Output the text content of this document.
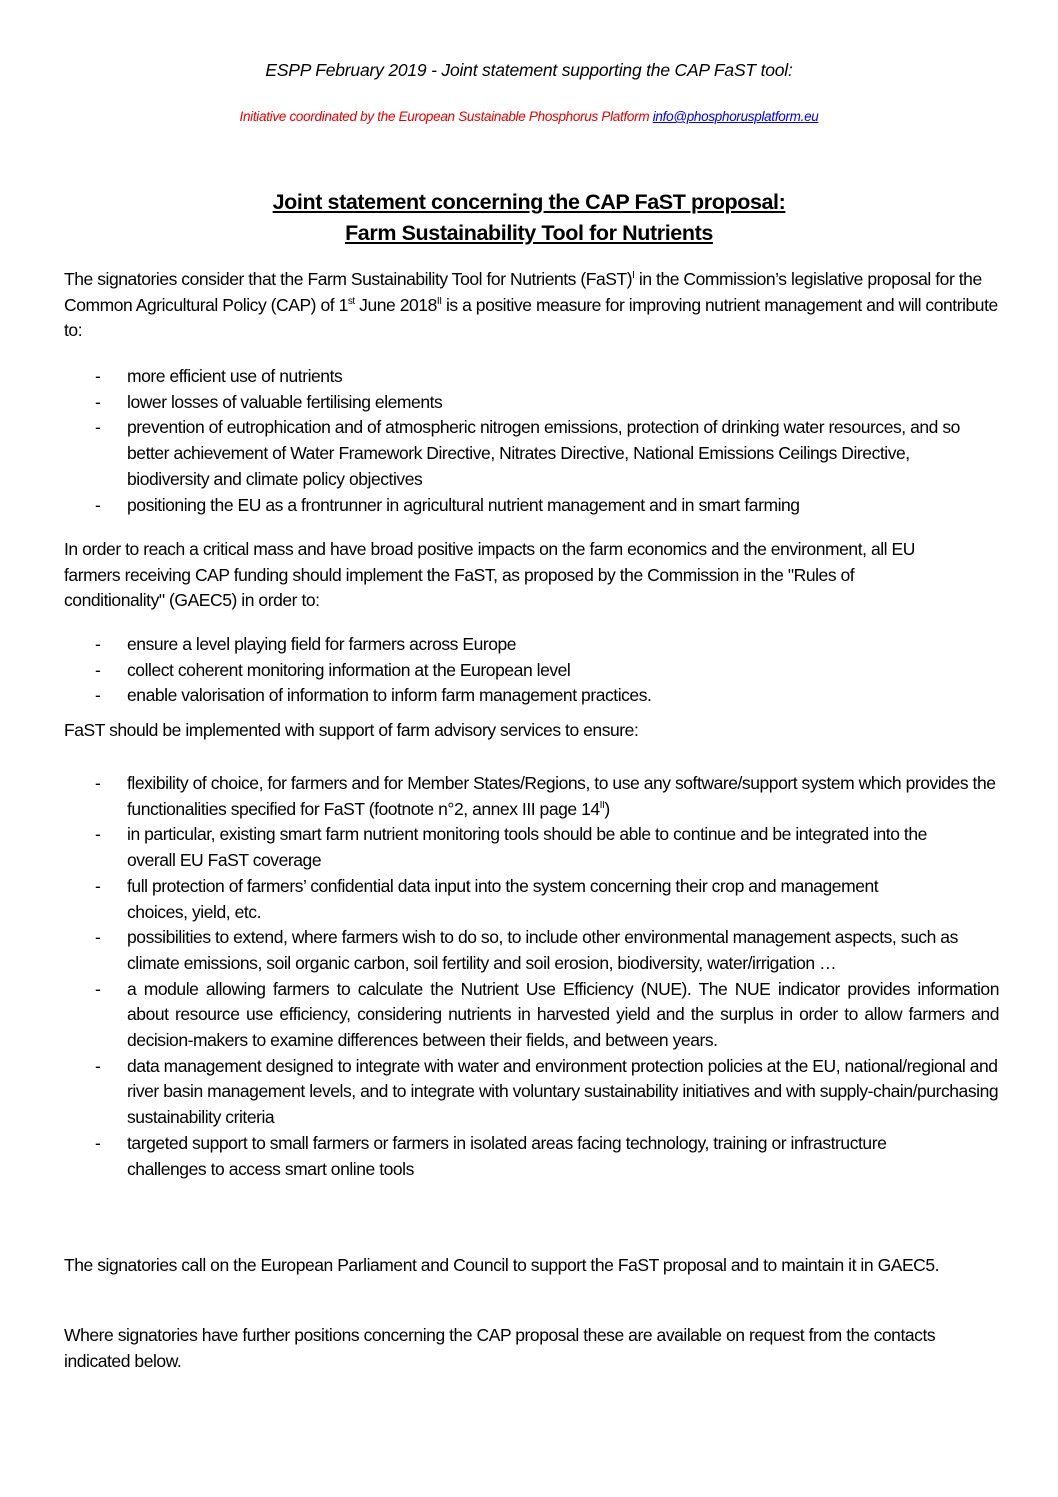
ESPP February 2019 - Joint statement supporting the CAP FaST tool:
Initiative coordinated by the European Sustainable Phosphorus Platform info@phosphorusplatform.eu
Joint statement concerning the CAP FaST proposal:
Farm Sustainability Tool for Nutrients

The signatories consider that the Farm Sustainability Tool for Nutrients (FaST)$^I$ in the Commission’s legislative proposal for the Common Agricultural Policy (CAP) of 1st June $2018^{II}$ is a positive measure for improving nutrient management and will contribute to:

- more efficient use of nutrients
- lower losses of valuable fertilising elements
- prevention of eutrophication and of atmospheric nitrogen emissions, protection of drinking water resources, and so better achievement of Water Framework Directive, Nitrates Directive, National Emissions Ceilings Directive, biodiversity and climate policy objectives
- positioning the EU as a frontrunner in agricultural nutrient management and in smart farming

In order to reach a critical mass and have broad positive impacts on the farm economics and the environment, all EU farmers receiving CAP funding should implement the FaST, as proposed by the Commission in the "Rules of conditionality" (GAEC5) in order to:

- ensure a level playing field for farmers across Europe
- collect coherent monitoring information at the European level
- enable valorisation of information to inform farm management practices.

FaST should be implemented with support of farm advisory services to ensure:

- flexibility of choice, for farmers and for Member States/Regions, to use any software/support system which provides the functionalities specified for FaST (footnote n°2, annex III page $14^{II}$)
- in particular, existing smart farm nutrient monitoring tools should be able to continue and be integrated into the overall EU FaST coverage
- full protection of farmers’ confidential data input into the system concerning their crop and management choices, yield, etc.
- possibilities to extend, where farmers wish to do so, to include other environmental management aspects, such as climate emissions, soil organic carbon, soil fertility and soil erosion, biodiversity, water/irrigation …
- a module allowing farmers to calculate the Nutrient Use Efficiency (NUE). The NUE indicator provides information about resource use efficiency, considering nutrients in harvested yield and the surplus in order to allow farmers and decision-makers to examine differences between their fields, and between years.
- data management designed to integrate with water and environment protection policies at the EU, national/regional and river basin management levels, and to integrate with voluntary sustainability initiatives and with supply-chain/purchasing sustainability criteria
- targeted support to small farmers or farmers in isolated areas facing technology, training or infrastructure challenges to access smart online tools

The signatories call on the European Parliament and Council to support the FaST proposal and to maintain it in GAEC5.

Where signatories have further positions concerning the CAP proposal these are available on request from the contacts indicated below.
